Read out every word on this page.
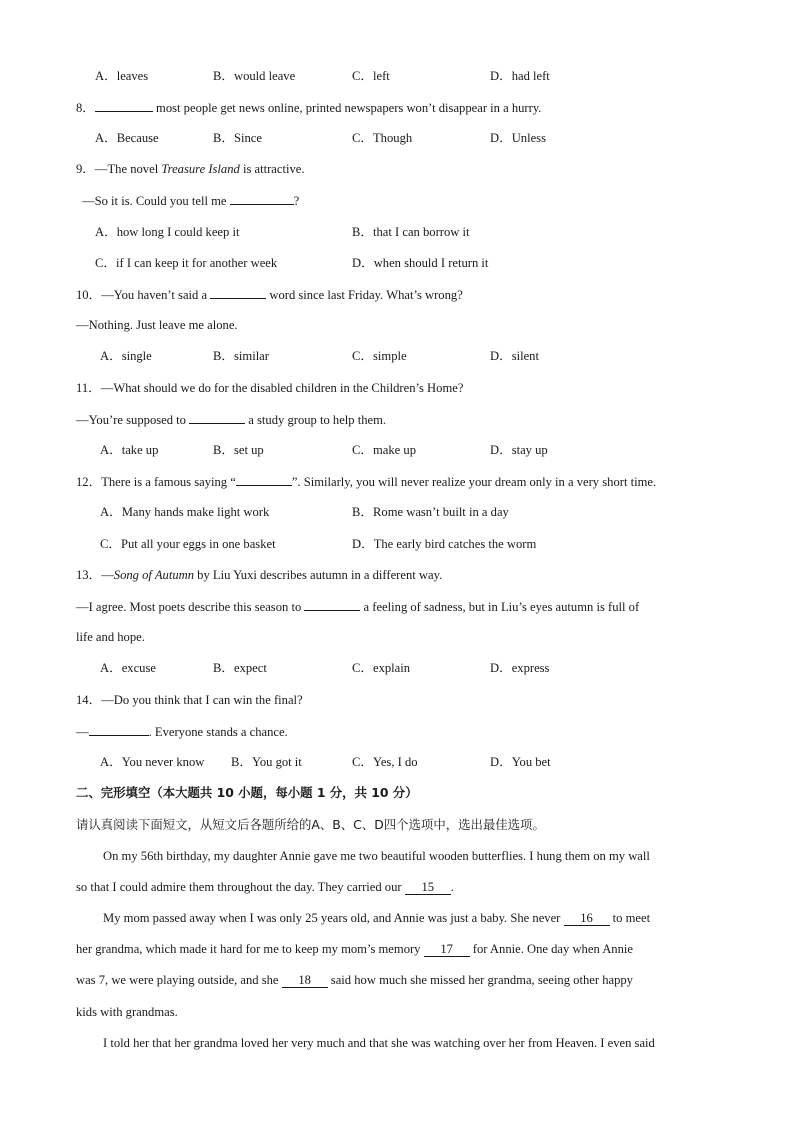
A．leaves	B．would leave	C．left	D．had left
8．	most people get news online, printed newspapers won’t disappear in a hurry.
A．Because	B．Since	C．Though	D．Unless
9．—The novel Treasure Island is attractive.
—So it is. Could you tell me	?
A．how long I could keep it	B．that I can borrow it
C．if I can keep it for another week	D．when should I return it
10．—You haven’t said a	word since last Friday. What’s wrong?
—Nothing. Just leave me alone.
A．single	B．similar	C．simple	D．silent
11．—What should we do for the disabled children in the Children’s Home?
—You’re supposed to	a study group to help them.
A．take up	B．set up	C．make up	D．stay up
12．There is a famous saying “	”. Similarly, you will never realize your dream only in a very short time.
A．Many hands make light work	B．Rome wasn’t built in a day
C．Put all your eggs in one basket	D．The early bird catches the worm
13．—Song of Autumn by Liu Yuxi describes autumn in a different way.
—I agree. Most poets describe this season to	a feeling of sadness, but in Liu’s eyes autumn is full of
life and hope.
A．excuse	B．expect	C．explain	D．express
14．—Do you think that I can win the final?
—	. Everyone stands a chance.
A．You never know B．You got it	C．Yes, I do	D．You bet
二、完形填空（本大题共 10 小题，每小题 1 分，共 10 分）
请认真阅读下面短文，从短文后各题所给的A、B、C、D四个选项中，选出最佳选项。
On my 56th birthday, my daughter Annie gave me two beautiful wooden butterflies. I hung them on my wall
so that I could admire them throughout the day. They carried our 15 .
My mom passed away when I was only 25 years old, and Annie was just a baby. She never 16 to meet
her grandma, which made it hard for me to keep my mom’s memory 17 for Annie. One day when Annie
was 7, we were playing outside, and she 18 said how much she missed her grandma, seeing other happy
kids with grandmas.
I told her that her grandma loved her very much and that she was watching over her from Heaven. I even said
